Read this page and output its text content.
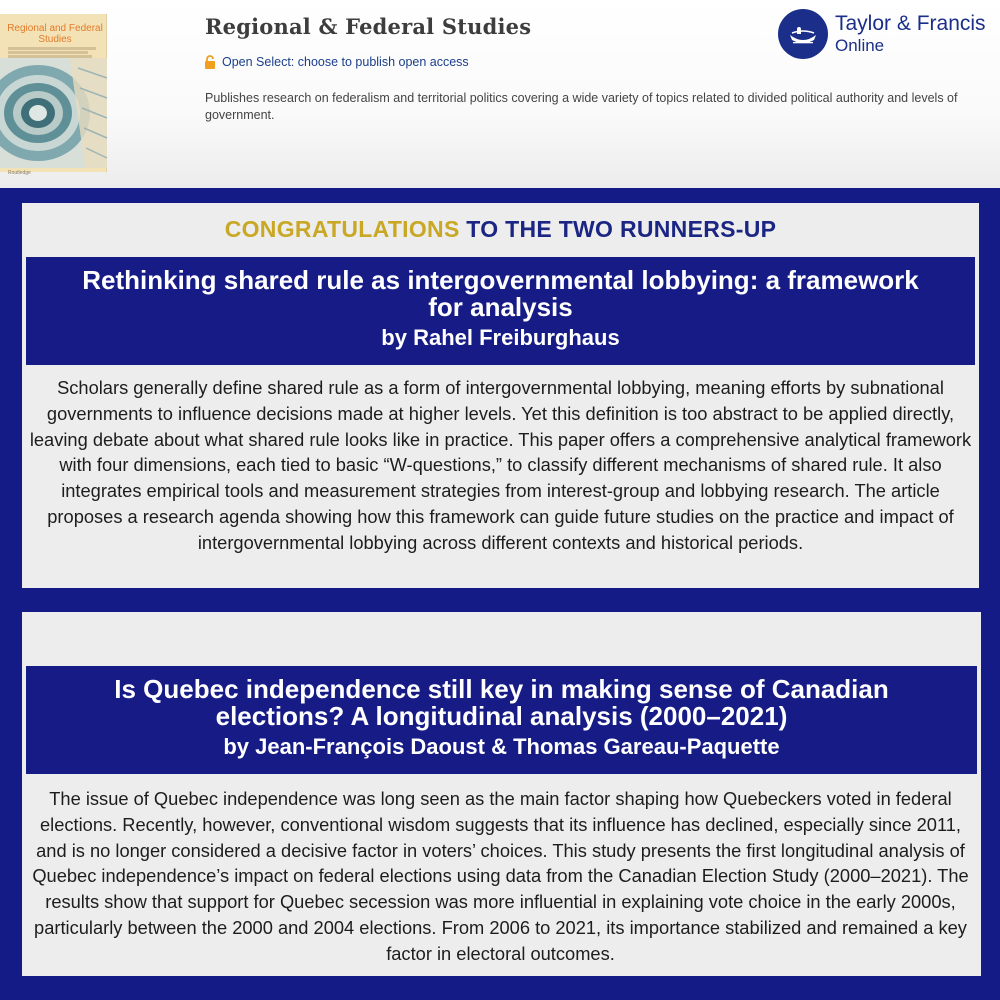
Regional and Federal Studies
Routledge
Regional & Federal Studies
Open Select: choose to publish open access
Publishes research on federalism and territorial politics covering a wide variety of topics related to divided political authority and levels of government.
Taylor & Francis
Online
CONGRATULATIONS TO THE TWO RUNNERS-UP
Rethinking shared rule as intergovernmental lobbying: a framework for analysis
by Rahel Freiburghaus
Scholars generally define shared rule as a form of intergovernmental lobbying, meaning efforts by subnational governments to influence decisions made at higher levels. Yet this definition is too abstract to be applied directly, leaving debate about what shared rule looks like in practice. This paper offers a comprehensive analytical framework with four dimensions, each tied to basic “W-questions,” to classify different mechanisms of shared rule. It also integrates empirical tools and measurement strategies from interest-group and lobbying research. The article proposes a research agenda showing how this framework can guide future studies on the practice and impact of intergovernmental lobbying across different contexts and historical periods.
Is Quebec independence still key in making sense of Canadian elections? A longitudinal analysis (2000–2021)
by Jean-François Daoust & Thomas Gareau-Paquette
The issue of Quebec independence was long seen as the main factor shaping how Quebeckers voted in federal elections. Recently, however, conventional wisdom suggests that its influence has declined, especially since 2011, and is no longer considered a decisive factor in voters’ choices. This study presents the first longitudinal analysis of Quebec independence’s impact on federal elections using data from the Canadian Election Study (2000–2021). The results show that support for Quebec secession was more influential in explaining vote choice in the early 2000s, particularly between the 2000 and 2004 elections. From 2006 to 2021, its importance stabilized and remained a key factor in electoral outcomes.
